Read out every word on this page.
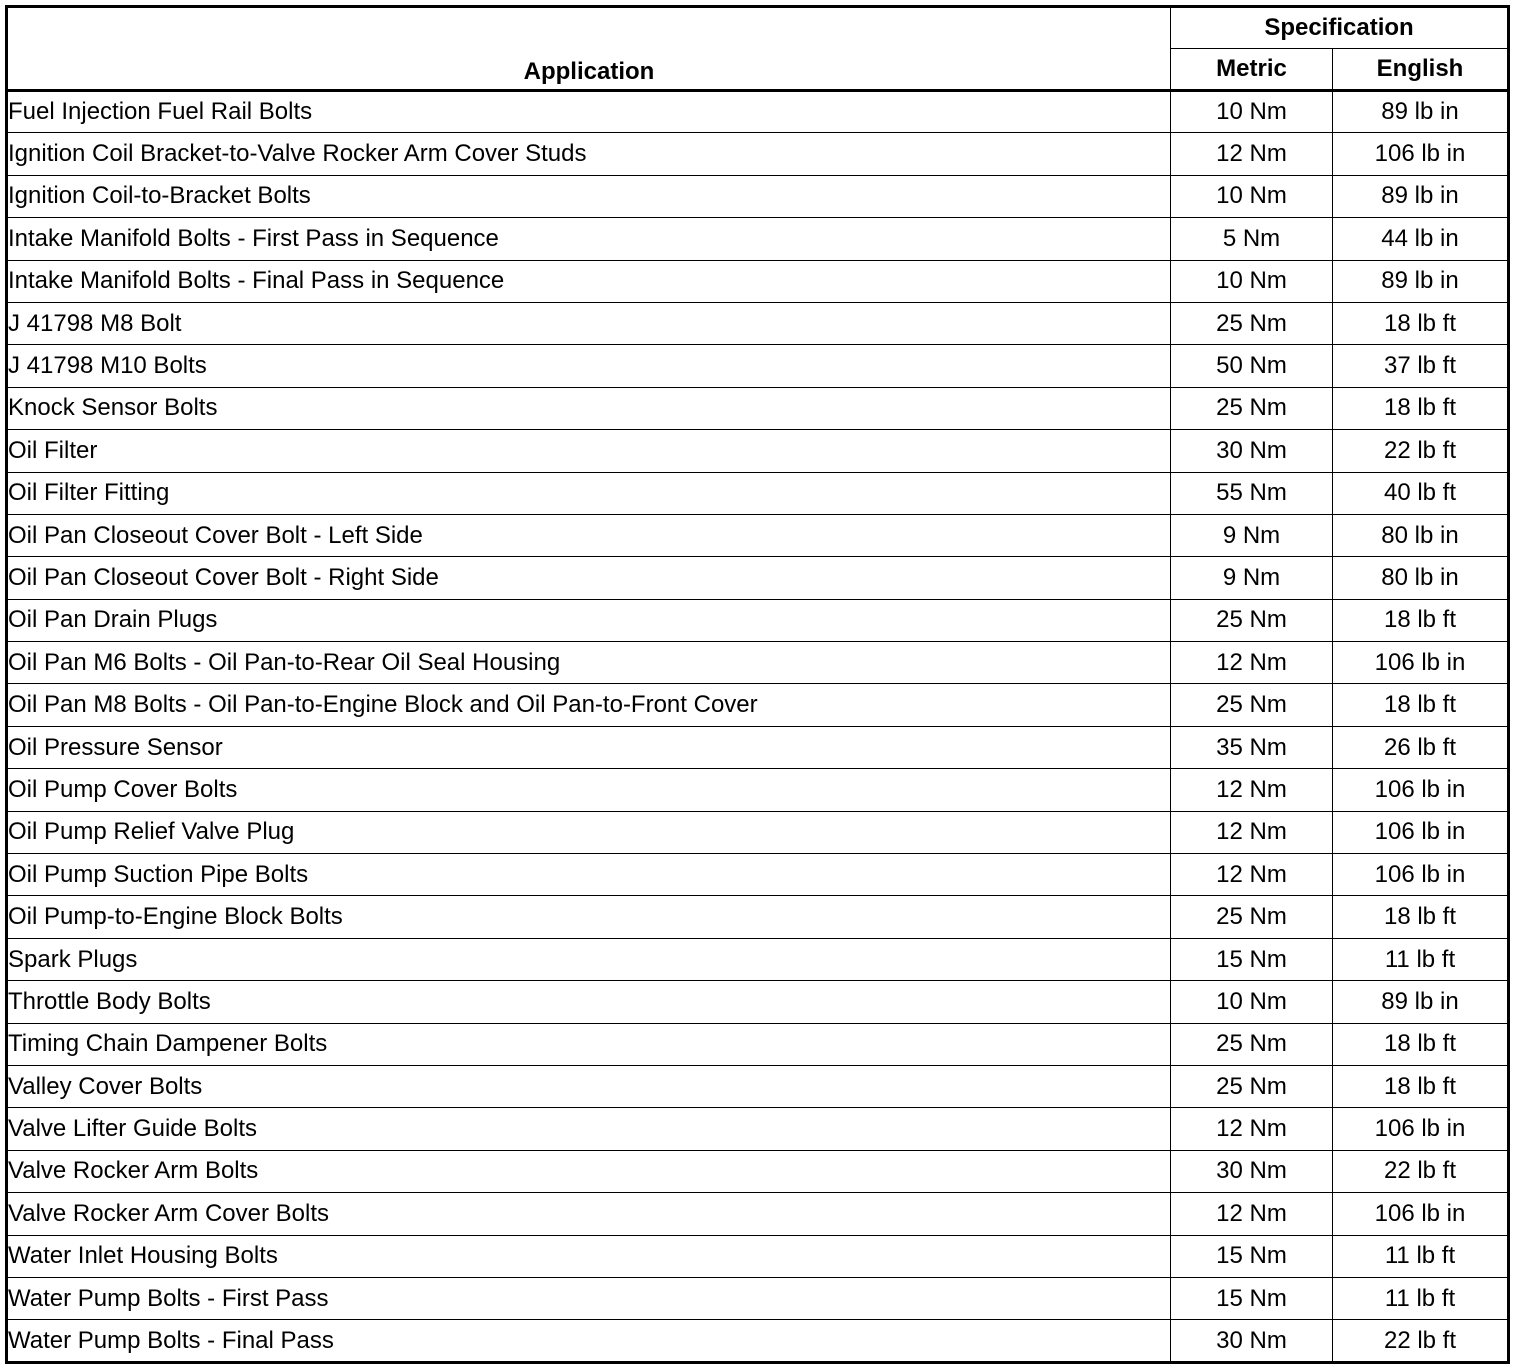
Application	Specification	
	Metric	English
Fuel Injection Fuel Rail Bolts	10 Nm	89 lb in
Ignition Coil Bracket-to-Valve Rocker Arm Cover Studs	12 Nm	106 lb in
Ignition Coil-to-Bracket Bolts	10 Nm	89 lb in
Intake Manifold Bolts - First Pass in Sequence	5 Nm	44 lb in
Intake Manifold Bolts - Final Pass in Sequence	10 Nm	89 lb in
J 41798 M8 Bolt	25 Nm	18 lb ft
J 41798 M10 Bolts	50 Nm	37 lb ft
Knock Sensor Bolts	25 Nm	18 lb ft
Oil Filter	30 Nm	22 lb ft
Oil Filter Fitting	55 Nm	40 lb ft
Oil Pan Closeout Cover Bolt - Left Side	9 Nm	80 lb in
Oil Pan Closeout Cover Bolt - Right Side	9 Nm	80 lb in
Oil Pan Drain Plugs	25 Nm	18 lb ft
Oil Pan M6 Bolts - Oil Pan-to-Rear Oil Seal Housing	12 Nm	106 lb in
Oil Pan M8 Bolts - Oil Pan-to-Engine Block and Oil Pan-to-Front Cover	25 Nm	18 lb ft
Oil Pressure Sensor	35 Nm	26 lb ft
Oil Pump Cover Bolts	12 Nm	106 lb in
Oil Pump Relief Valve Plug	12 Nm	106 lb in
Oil Pump Suction Pipe Bolts	12 Nm	106 lb in
Oil Pump-to-Engine Block Bolts	25 Nm	18 lb ft
Spark Plugs	15 Nm	11 lb ft
Throttle Body Bolts	10 Nm	89 lb in
Timing Chain Dampener Bolts	25 Nm	18 lb ft
Valley Cover Bolts	25 Nm	18 lb ft
Valve Lifter Guide Bolts	12 Nm	106 lb in
Valve Rocker Arm Bolts	30 Nm	22 lb ft
Valve Rocker Arm Cover Bolts	12 Nm	106 lb in
Water Inlet Housing Bolts	15 Nm	11 lb ft
Water Pump Bolts - First Pass	15 Nm	11 lb ft
Water Pump Bolts - Final Pass	30 Nm	22 lb ft
